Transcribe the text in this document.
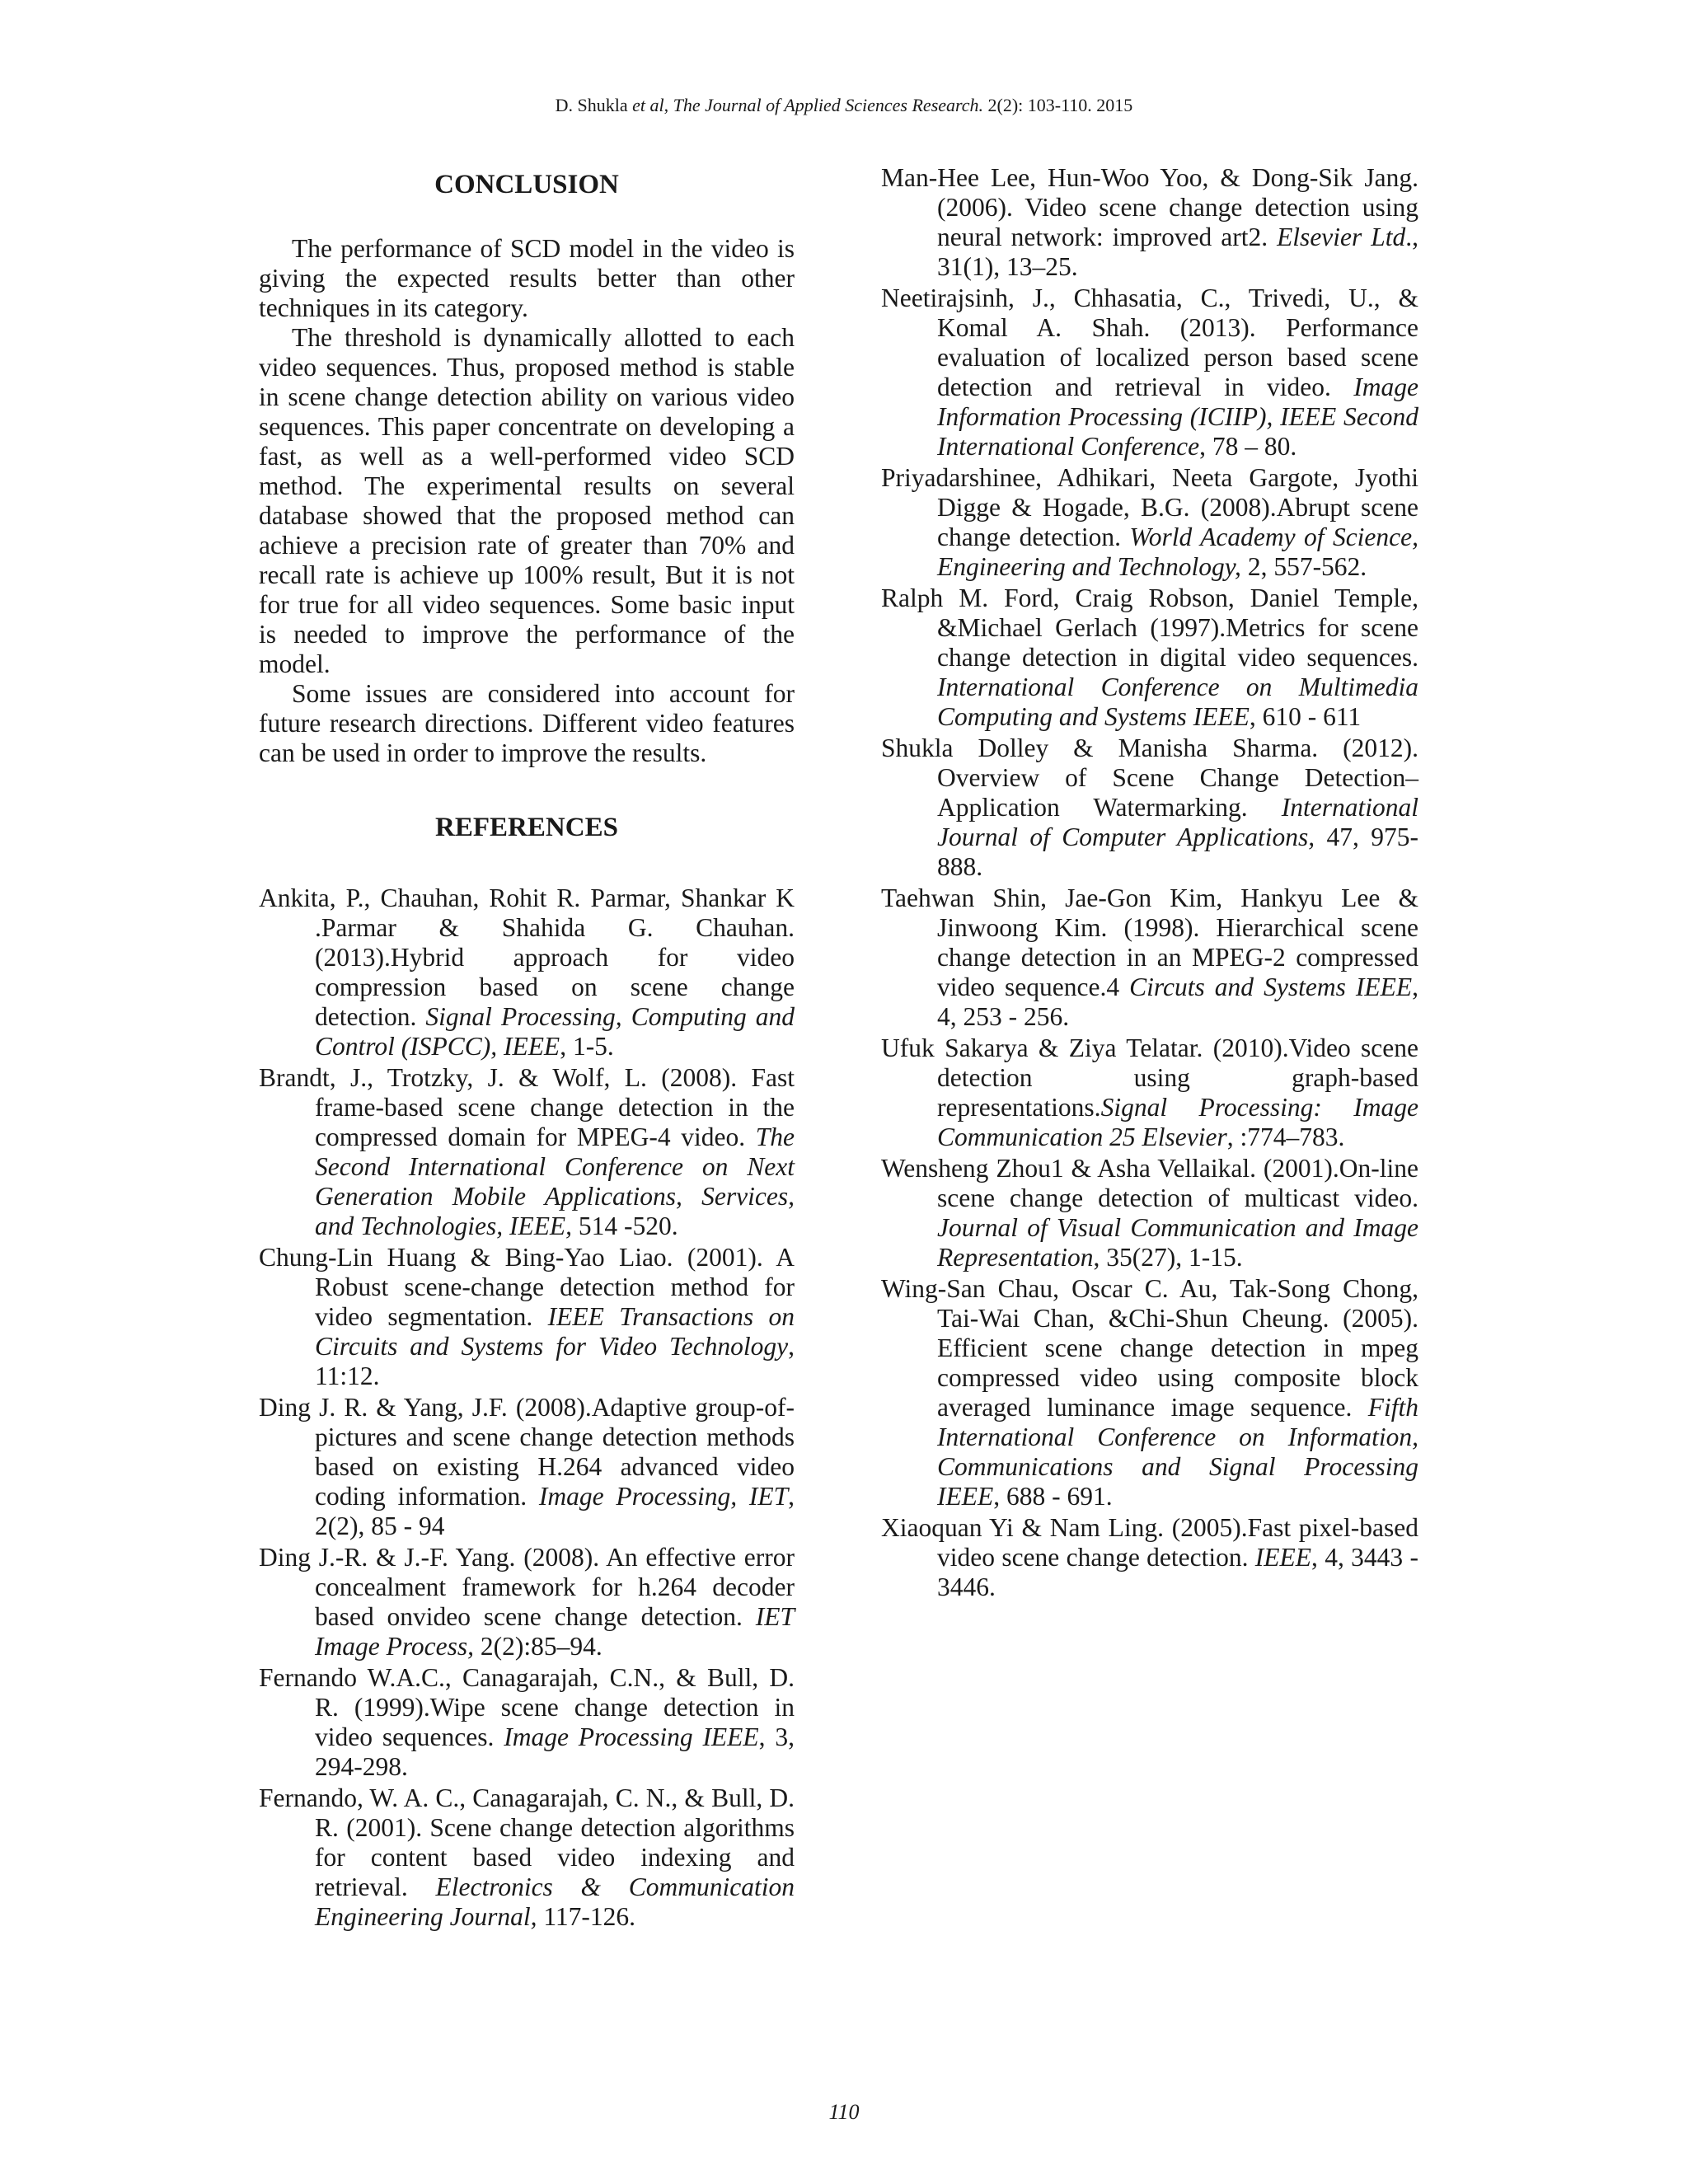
D. Shukla et al, The Journal of Applied Sciences Research. 2(2): 103-110. 2015
CONCLUSION

The performance of SCD model in the video is giving the expected results better than other techniques in its category.

The threshold is dynamically allotted to each video sequences. Thus, proposed method is stable in scene change detection ability on various video sequences. This paper concentrate on developing a fast, as well as a well-performed video SCD method. The experimental results on several database showed that the proposed method can achieve a precision rate of greater than 70% and recall rate is achieve up 100% result, But it is not for true for all video sequences. Some basic input is needed to improve the performance of the model.

Some issues are considered into account for future research directions. Different video features can be used in order to improve the results.

REFERENCES

Ankita, P., Chauhan, Rohit R. Parmar, Shankar K .Parmar & Shahida G. Chauhan. (2013).Hybrid approach for video compression based on scene change detection. Signal Processing, Computing and Control (ISPCC), IEEE, 1-5.

Brandt, J., Trotzky, J. & Wolf, L. (2008). Fast frame-based scene change detection in the compressed domain for MPEG-4 video. The Second International Conference on Next Generation Mobile Applications, Services, and Technologies, IEEE, 514 -520.

Chung-Lin Huang & Bing-Yao Liao. (2001). A Robust scene-change detection method for video segmentation. IEEE Transactions on Circuits and Systems for Video Technology, 11:12.

Ding J. R. & Yang, J.F. (2008).Adaptive group-of-pictures and scene change detection methods based on existing H.264 advanced video coding information. Image Processing, IET, 2(2), 85 - 94

Ding J.-R. & J.-F. Yang. (2008). An effective error concealment framework for h.264 decoder based onvideo scene change detection. IET Image Process, 2(2):85–94.

Fernando W.A.C., Canagarajah, C.N., & Bull, D. R. (1999).Wipe scene change detection in video sequences. Image Processing IEEE, 3, 294-298.

Fernando, W. A. C., Canagarajah, C. N., & Bull, D. R. (2001). Scene change detection algorithms for content based video indexing and retrieval. Electronics & Communication Engineering Journal, 117-126.

Man-Hee Lee, Hun-Woo Yoo, & Dong-Sik Jang. (2006). Video scene change detection using neural network: improved art2. Elsevier Ltd., 31(1), 13–25.

Neetirajsinh, J., Chhasatia, C., Trivedi, U., & Komal A. Shah. (2013). Performance evaluation of localized person based scene detection and retrieval in video. Image Information Processing (ICIIP), IEEE Second International Conference, 78 – 80.

Priyadarshinee, Adhikari, Neeta Gargote, Jyothi Digge & Hogade, B.G. (2008).Abrupt scene change detection. World Academy of Science, Engineering and Technology, 2, 557-562.

Ralph M. Ford, Craig Robson, Daniel Temple, &Michael Gerlach (1997).Metrics for scene change detection in digital video sequences. International Conference on Multimedia Computing and Systems IEEE, 610 - 611

Shukla Dolley & Manisha Sharma. (2012). Overview of Scene Change Detection– Application Watermarking. International Journal of Computer Applications, 47, 975-888.

Taehwan Shin, Jae-Gon Kim, Hankyu Lee & Jinwoong Kim. (1998). Hierarchical scene change detection in an MPEG-2 compressed video sequence.4 Circuts and Systems IEEE, 4, 253 - 256.

Ufuk Sakarya & Ziya Telatar. (2010).Video scene detection using graph-based representations.Signal Processing: Image Communication 25 Elsevier, :774–783.

Wensheng Zhou1 & Asha Vellaikal. (2001).On-line scene change detection of multicast video. Journal of Visual Communication and Image Representation, 35(27), 1-15.

Wing-San Chau, Oscar C. Au, Tak-Song Chong, Tai-Wai Chan, &Chi-Shun Cheung. (2005). Efficient scene change detection in mpeg compressed video using composite block averaged luminance image sequence. Fifth International Conference on Information, Communications and Signal Processing IEEE, 688 - 691.

Xiaoquan Yi & Nam Ling. (2005).Fast pixel-based video scene change detection. IEEE, 4, 3443 - 3446.

110
